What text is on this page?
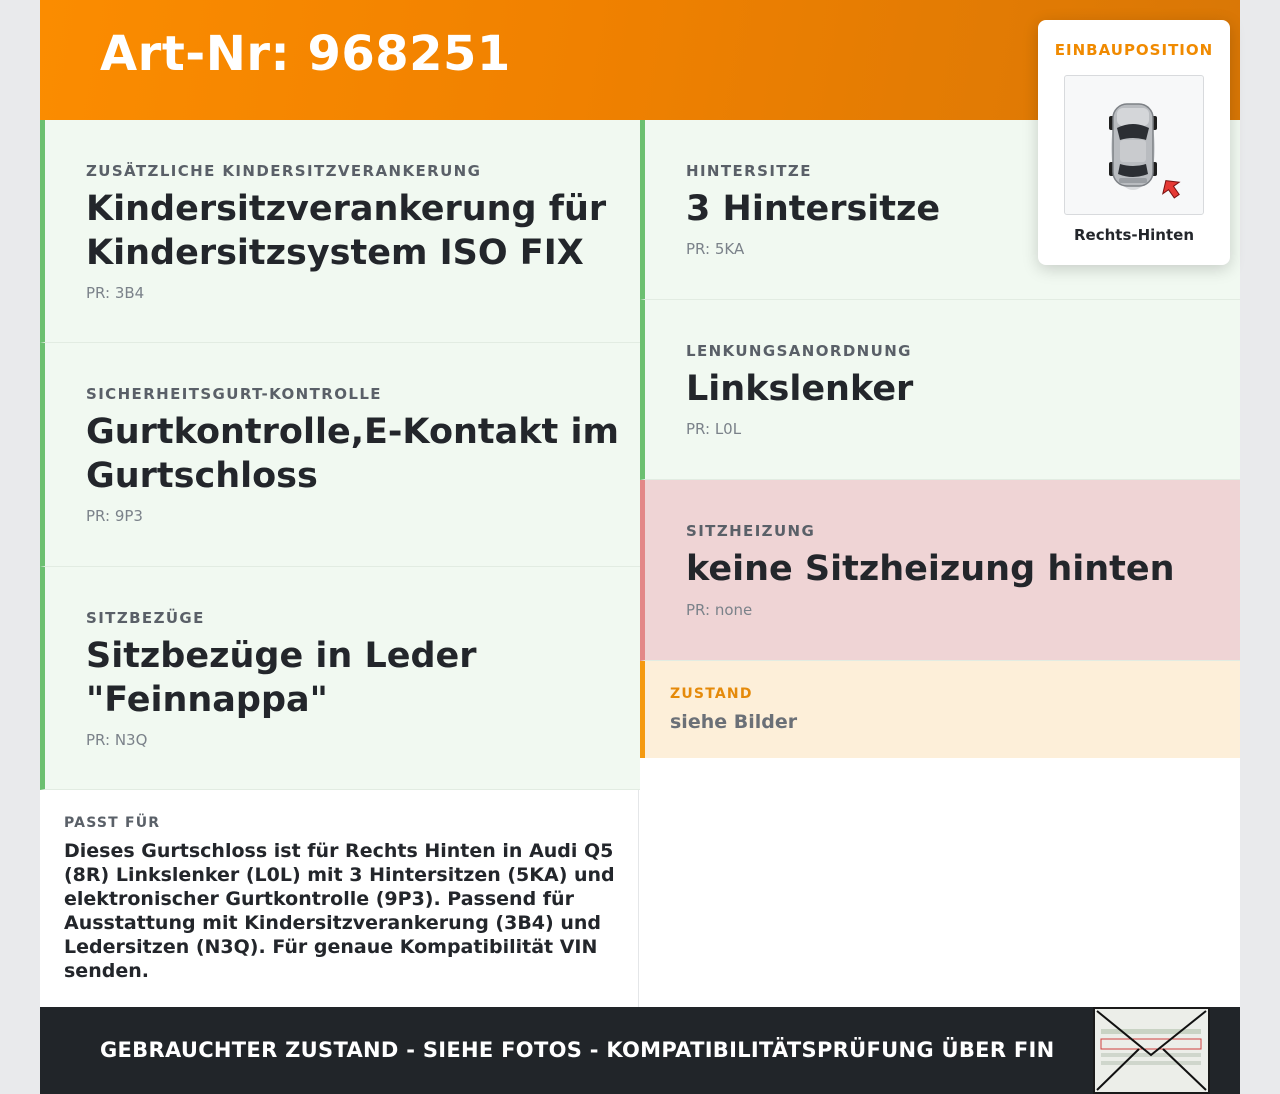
Art-Nr: 968251	EINBAUPOSITION
Rechts-Hinten
ZUSÄTZLICHE KINDERSITZVERANKERUNG
Kindersitzverankerung für
Kindersitzsystem ISO FIX
PR: 3B4
SICHERHEITSGURT-KONTROLLE
Gurtkontrolle,E-Kontakt im
Gurtschloss
PR: 9P3
SITZBEZÜGE
Sitzbezüge in Leder
"Feinnappa"
PR: N3Q
HINTERSITZE
3 Hintersitze
PR: 5KA
LENKUNGSANORDNUNG
Linkslenker
PR: L0L
SITZHEIZUNG
keine Sitzheizung hinten
PR: none
ZUSTAND
siehe Bilder
PASST FÜR
Dieses Gurtschloss ist für Rechts Hinten in Audi Q5 (8R) Linkslenker (L0L) mit 3 Hintersitzen (5KA) und elektronischer Gurtkontrolle (9P3). Passend für Ausstattung mit Kindersitzverankerung (3B4) und Ledersitzen (N3Q). Für genaue Kompatibilität VIN senden.
GEBRAUCHTER ZUSTAND - SIEHE FOTOS - KOMPATIBILITÄTSPRÜFUNG ÜBER FIN
